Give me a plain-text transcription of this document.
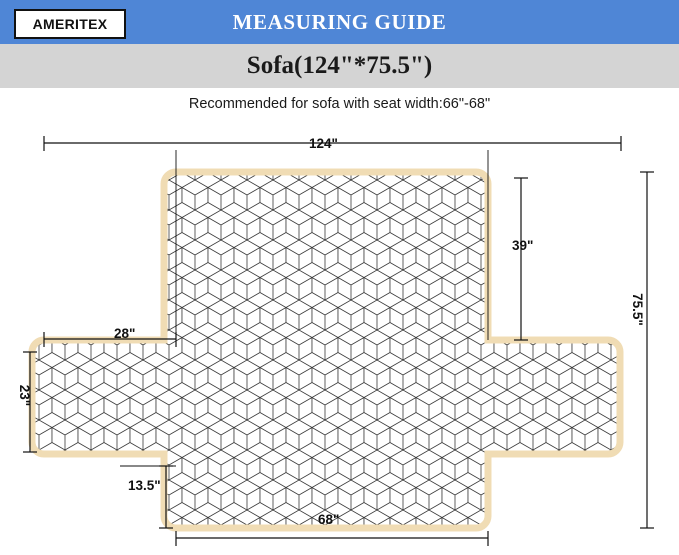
AMERITEX	MEASURING GUIDE
Sofa(124"*75.5")
Recommended for sofa with seat width:66"-68"
124"
39"
75.5"
28"
23"
13.5"
68"
